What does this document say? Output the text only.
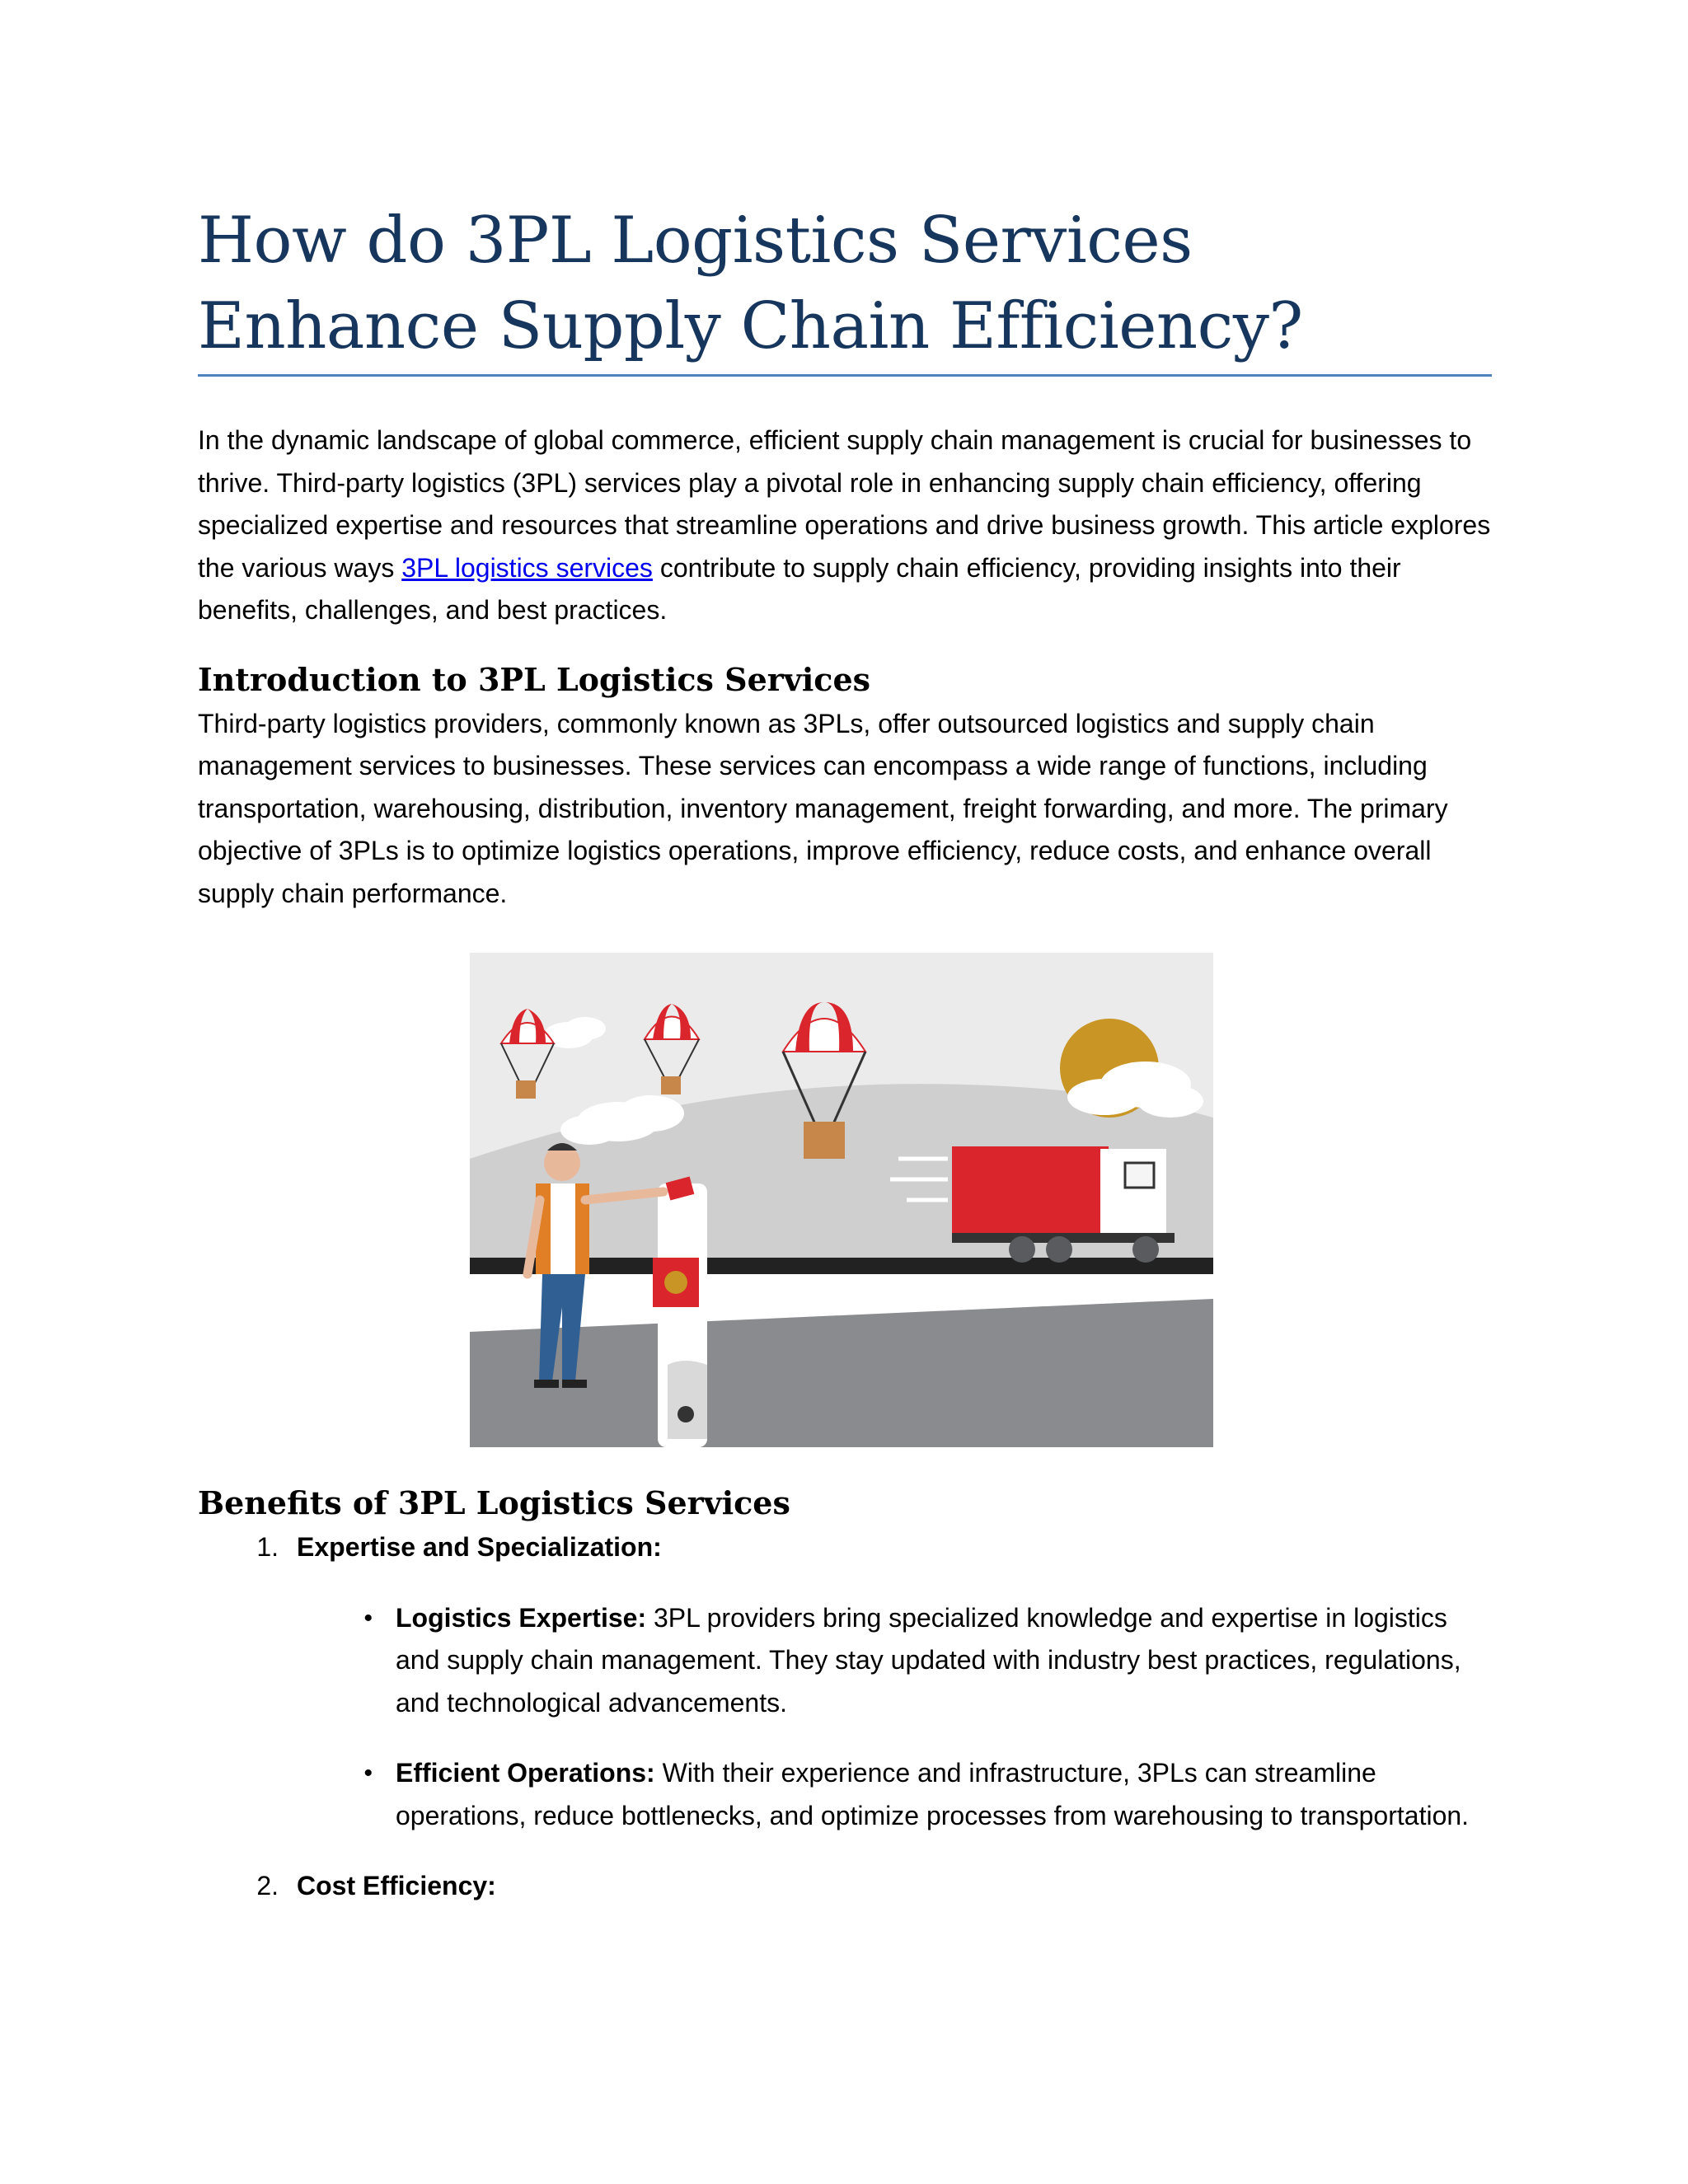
How do 3PL Logistics Services Enhance Supply Chain Efficiency?

In the dynamic landscape of global commerce, efficient supply chain management is crucial for businesses to thrive. Third-party logistics (3PL) services play a pivotal role in enhancing supply chain efficiency, offering specialized expertise and resources that streamline operations and drive business growth. This article explores the various ways 3PL logistics services contribute to supply chain efficiency, providing insights into their benefits, challenges, and best practices.

Introduction to 3PL Logistics Services

Third-party logistics providers, commonly known as 3PLs, offer outsourced logistics and supply chain management services to businesses. These services can encompass a wide range of functions, including transportation, warehousing, distribution, inventory management, freight forwarding, and more. The primary objective of 3PLs is to optimize logistics operations, improve efficiency, reduce costs, and enhance overall supply chain performance.

Benefits of 3PL Logistics Services
1. Expertise and Specialization:
• Logistics Expertise: 3PL providers bring specialized knowledge and expertise in logistics and supply chain management. They stay updated with industry best practices, regulations, and technological advancements.
• Efficient Operations: With their experience and infrastructure, 3PLs can streamline operations, reduce bottlenecks, and optimize processes from warehousing to transportation.
2. Cost Efficiency:
